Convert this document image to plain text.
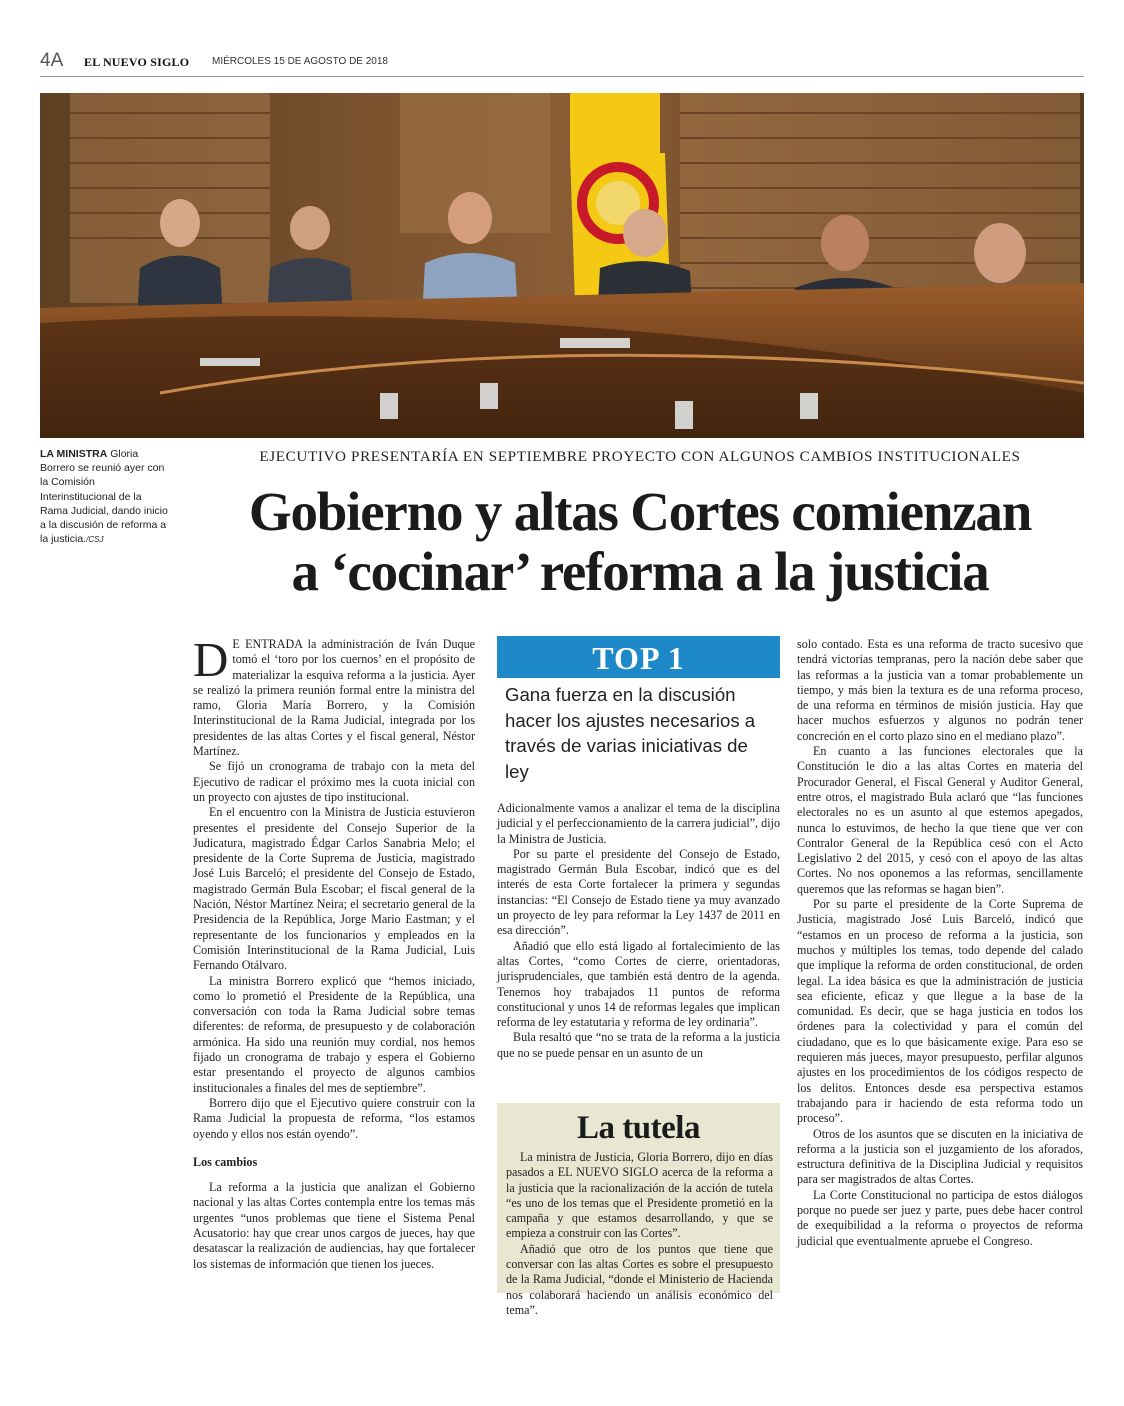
4A EL NUEVO SIGLO MIÉRCOLES 15 DE AGOSTO DE 2018
LA MINISTRA Gloria Borrero se reunió ayer con la Comisión Interinstitucional de la Rama Judicial, dando inicio a la discusión de reforma a la justicia./CSJ
EJECUTIVO PRESENTARÍA EN SEPTIEMBRE PROYECTO CON ALGUNOS CAMBIOS INSTITUCIONALES
Gobierno y altas Cortes comienzan
a ‘cocinar’ reforma a la justicia

D E ENTRADA la administración de Iván Duque tomó el ‘toro por los cuernos’ en el propósito de materializar la esquiva reforma a la justicia. Ayer se realizó la primera reunión formal entre la ministra del ramo, Gloria María Borrero, y la Comisión Interinstitucional de la Rama Judicial, integrada por los presidentes de las altas Cortes y el fiscal general, Néstor Martínez.

Se fijó un cronograma de trabajo con la meta del Ejecutivo de radicar el próximo mes la cuota inicial con un proyecto con ajustes de tipo institucional.

En el encuentro con la Ministra de Justicia estuvieron presentes el presidente del Consejo Superior de la Judicatura, magistrado Édgar Carlos Sanabria Melo; el presidente de la Corte Suprema de Justicia, magistrado José Luis Barceló; el presidente del Consejo de Estado, magistrado Germán Bula Escobar; el fiscal general de la Nación, Néstor Martínez Neira; el secretario general de la Presidencia de la República, Jorge Mario Eastman; y el representante de los funcionarios y empleados en la Comisión Interinstitucional de la Rama Judicial, Luis Fernando Otálvaro.

La ministra Borrero explicó que “hemos iniciado, como lo prometió el Presidente de la República, una conversación con toda la Rama Judicial sobre temas diferentes: de reforma, de presupuesto y de colaboración armónica. Ha sido una reunión muy cordial, nos hemos fijado un cronograma de trabajo y espera el Gobierno estar presentando el proyecto de algunos cambios institucionales a finales del mes de septiembre”.

Borrero dijo que el Ejecutivo quiere construir con la Rama Judicial la propuesta de reforma, “los estamos oyendo y ellos nos están oyendo”.

Los cambios

La reforma a la justicia que analizan el Gobierno nacional y las altas Cortes contempla entre los temas más urgentes “unos problemas que tiene el Sistema Penal Acusatorio: hay que crear unos cargos de jueces, hay que desatascar la realización de audiencias, hay que fortalecer los sistemas de información que tienen los jueces.

TOP 1
Gana fuerza en la discusión hacer los ajustes necesarios a través de varias iniciativas de ley

Adicionalmente vamos a analizar el tema de la disciplina judicial y el perfeccionamiento de la carrera judicial”, dijo la Ministra de Justicia.

Por su parte el presidente del Consejo de Estado, magistrado Germán Bula Escobar, indicó que es del interés de esta Corte fortalecer la primera y segundas instancias: “El Consejo de Estado tiene ya muy avanzado un proyecto de ley para reformar la Ley 1437 de 2011 en esa dirección”.

Añadió que ello está ligado al fortalecimiento de las altas Cortes, “como Cortes de cierre, orientadoras, jurisprudenciales, que también está dentro de la agenda. Tenemos hoy trabajados 11 puntos de reforma constitucional y unos 14 de reformas legales que implican reforma de ley estatutaria y reforma de ley ordinaria”.

Bula resaltó que “no se trata de la reforma a la justicia que no se puede pensar en un asunto de un

La tutela

La ministra de Justicia, Gloria Borrero, dijo en días pasados a EL NUEVO SIGLO acerca de la reforma a la justicia que la racionalización de la acción de tutela “es uno de los temas que el Presidente prometió en la campaña y que estamos desarrollando, y que se empieza a construir con las Cortes”.

Añadió que otro de los puntos que tiene que conversar con las altas Cortes es sobre el presupuesto de la Rama Judicial, “donde el Ministerio de Hacienda nos colaborará haciendo un análisis económico del tema”.

solo contado. Esta es una reforma de tracto sucesivo que tendrá victorias tempranas, pero la nación debe saber que las reformas a la justicia van a tomar probablemente un tiempo, y más bien la textura es de una reforma proceso, de una reforma en términos de misión justicia. Hay que hacer muchos esfuerzos y algunos no podrán tener concreción en el corto plazo sino en el mediano plazo”.

En cuanto a las funciones electorales que la Constitución le dio a las altas Cortes en materia del Procurador General, el Fiscal General y Auditor General, entre otros, el magistrado Bula aclaró que “las funciones electorales no es un asunto al que estemos apegados, nunca lo estuvimos, de hecho la que tiene que ver con Contralor General de la República cesó con el Acto Legislativo 2 del 2015, y cesó con el apoyo de las altas Cortes. No nos oponemos a las reformas, sencillamente queremos que las reformas se hagan bien”.

Por su parte el presidente de la Corte Suprema de Justicia, magistrado José Luis Barceló, indicó que “estamos en un proceso de reforma a la justicia, son muchos y múltiples los temas, todo depende del calado que implique la reforma de orden constitucional, de orden legal. La idea básica es que la administración de justicia sea eficiente, eficaz y que llegue a la base de la comunidad. Es decir, que se haga justicia en todos los órdenes para la colectividad y para el común del ciudadano, que es lo que básicamente exige. Para eso se requieren más jueces, mayor presupuesto, perfilar algunos ajustes en los procedimientos de los códigos respecto de los delitos. Entonces desde esa perspectiva estamos trabajando para ir haciendo de esta reforma todo un proceso”.

Otros de los asuntos que se discuten en la iniciativa de reforma a la justicia son el juzgamiento de los aforados, estructura definitiva de la Disciplina Judicial y requisitos para ser magistrados de altas Cortes.

La Corte Constitucional no participa de estos diálogos porque no puede ser juez y parte, pues debe hacer control de exequibilidad a la reforma o proyectos de reforma judicial que eventualmente apruebe el Congreso.
